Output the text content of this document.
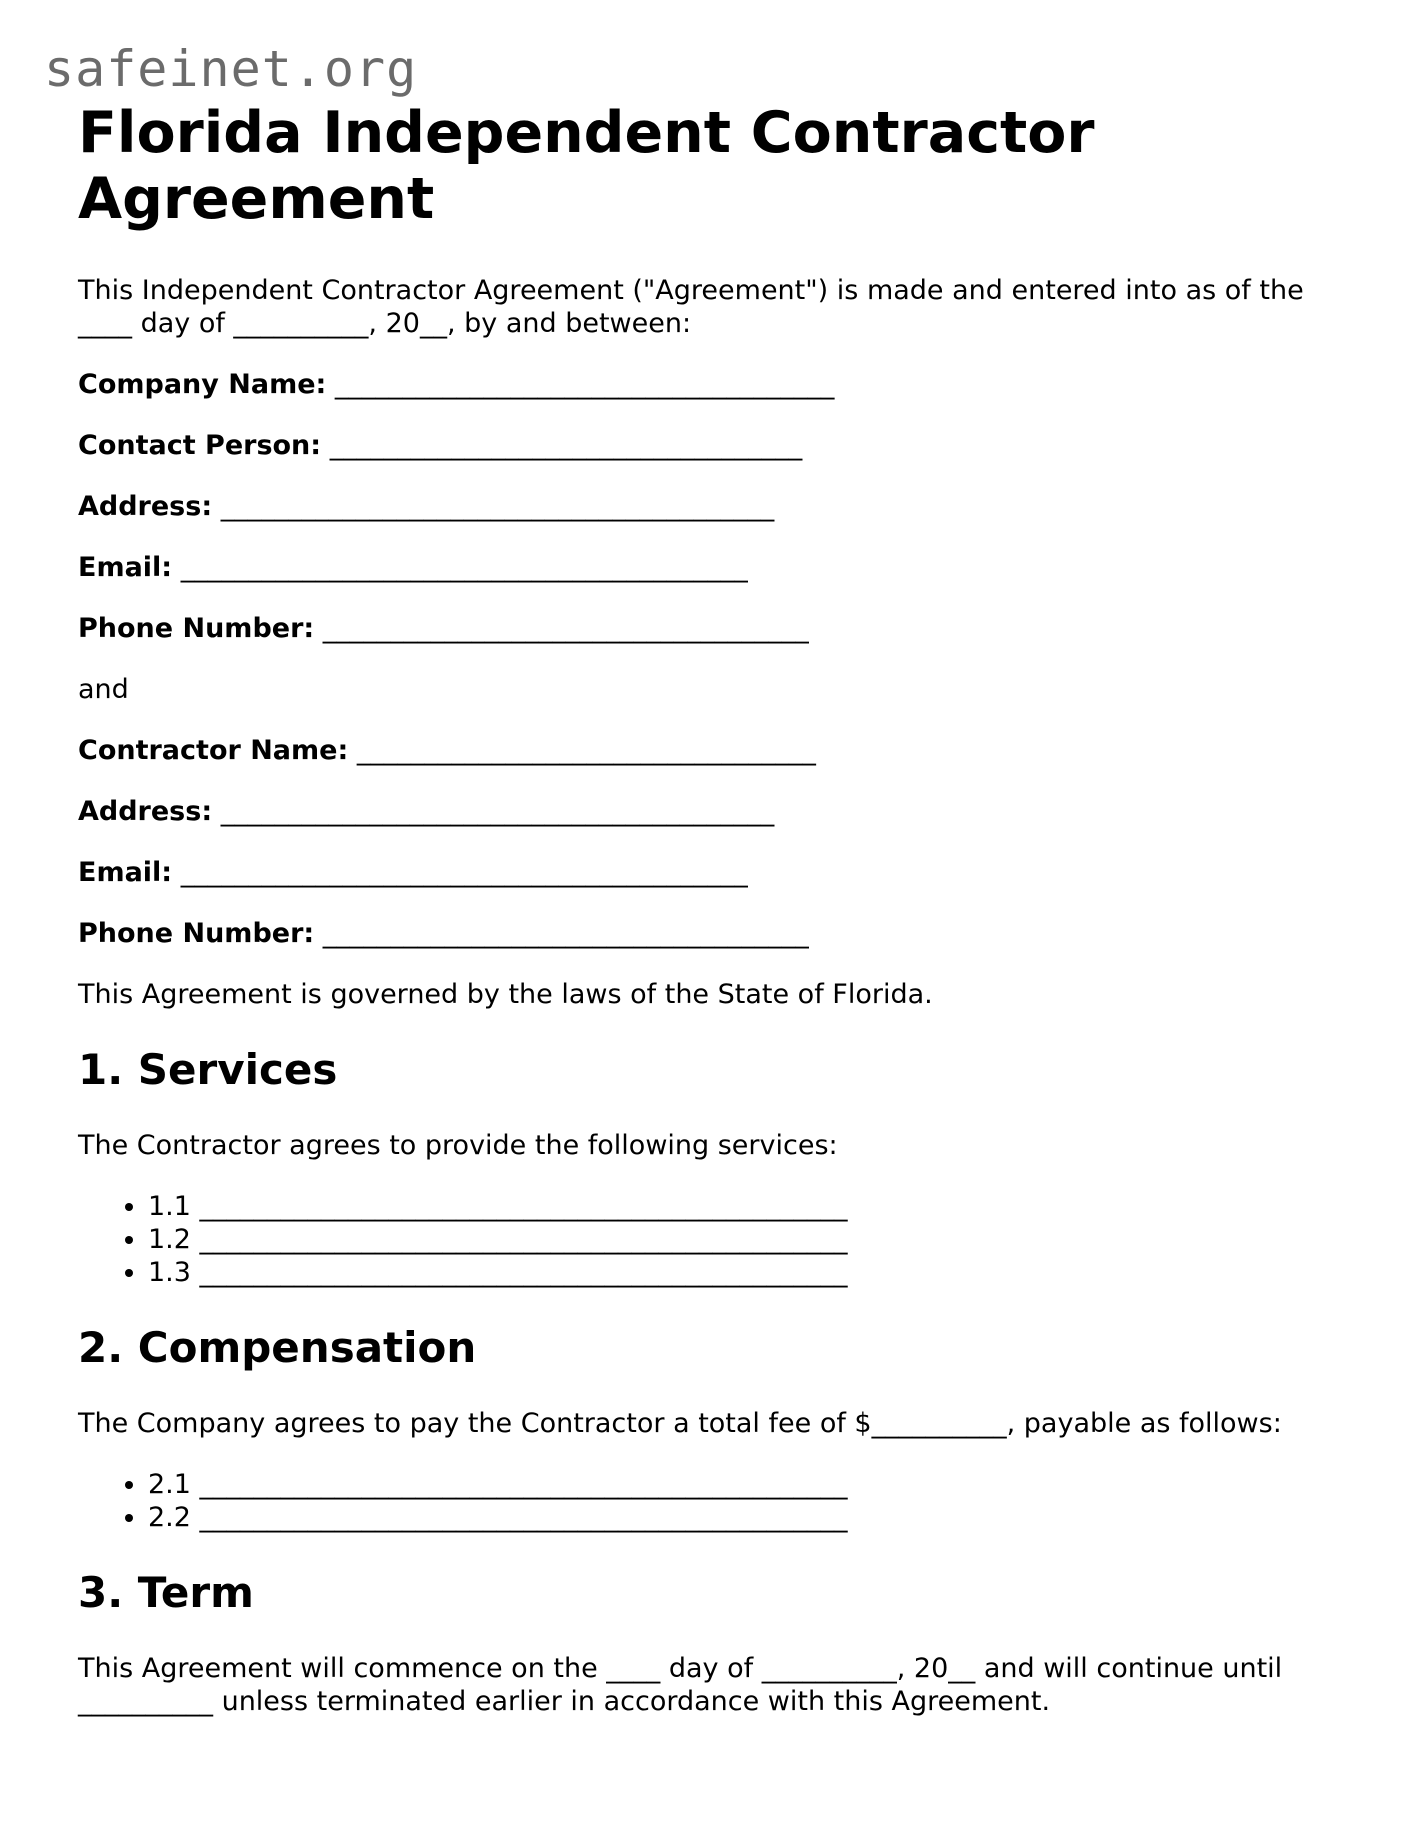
safeinet.org
Florida Independent Contractor Agreement

This Independent Contractor Agreement ("Agreement") is made and entered into as of the ____ day of __________, 20__, by and between:

Company Name: _____________________________________
Contact Person: ___________________________________
Address: _________________________________________
Email: __________________________________________
Phone Number: ____________________________________

and

Contractor Name: __________________________________
Address: _________________________________________
Email: __________________________________________
Phone Number: ____________________________________

This Agreement is governed by the laws of the State of Florida.

1. Services

The Contractor agrees to provide the following services:

• 1.1 ________________________________________________
• 1.2 ________________________________________________
• 1.3 ________________________________________________
2. Compensation

The Company agrees to pay the Contractor a total fee of $__________, payable as follows:

• 2.1 ________________________________________________
• 2.2 ________________________________________________
3. Term

This Agreement will commence on the ____ day of __________, 20__ and will continue until __________ unless terminated earlier in accordance with this Agreement.
